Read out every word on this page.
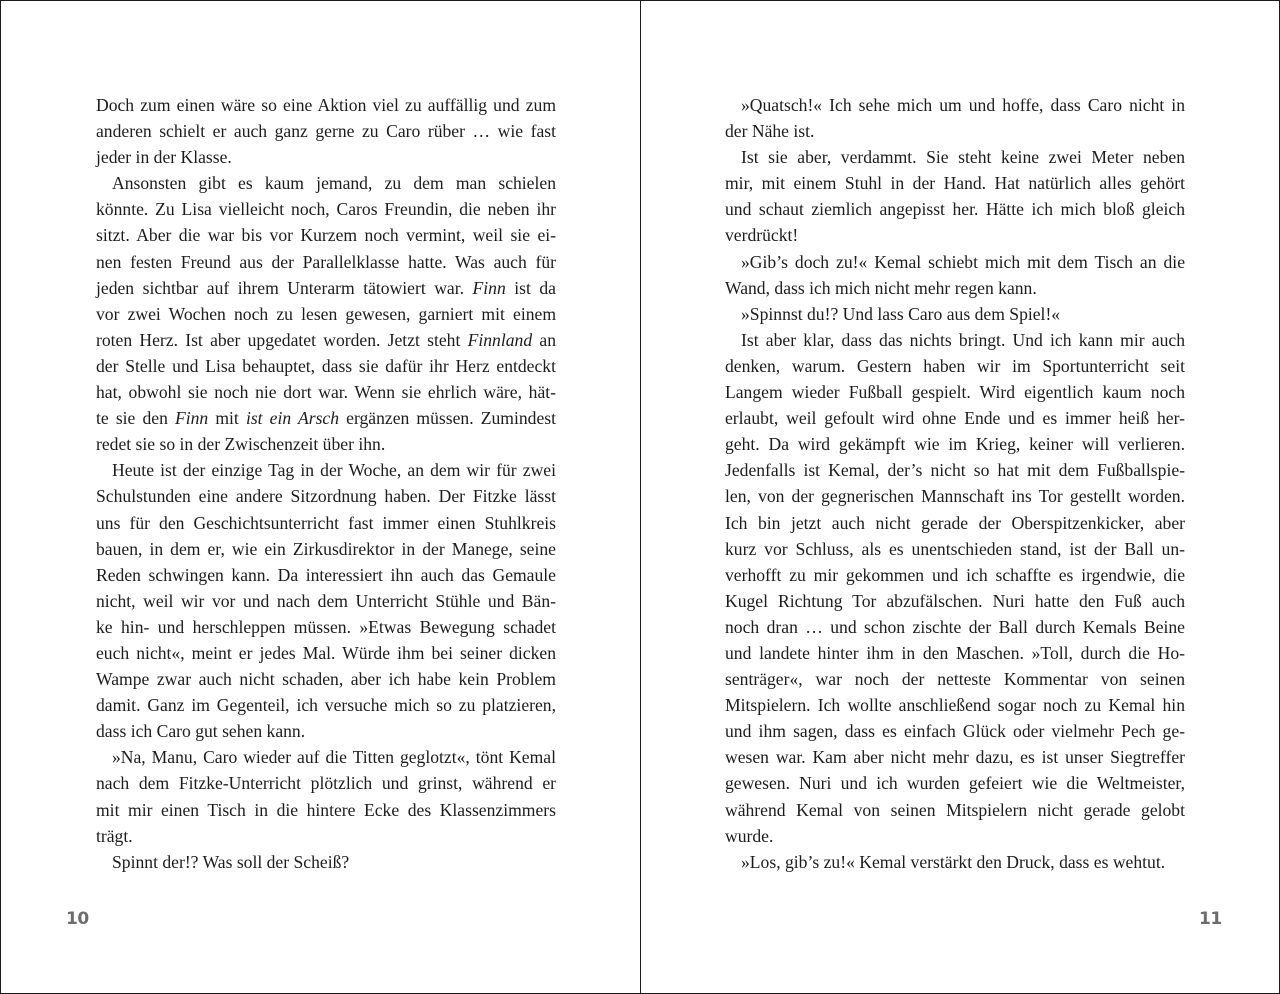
Doch zum einen wäre so eine Aktion viel zu auffällig und zum
anderen schielt er auch ganz gerne zu Caro rüber … wie fast
jeder in der Klasse.
Ansonsten gibt es kaum jemand, zu dem man schielen
könnte. Zu Lisa vielleicht noch, Caros Freundin, die neben ihr
sitzt. Aber die war bis vor Kurzem noch vermint, weil sie ei-
nen festen Freund aus der Parallelklasse hatte. Was auch für
jeden sichtbar auf ihrem Unterarm tätowiert war. Finn ist da
vor zwei Wochen noch zu lesen gewesen, garniert mit einem
roten Herz. Ist aber upgedatet worden. Jetzt steht Finnland an
der Stelle und Lisa behauptet, dass sie dafür ihr Herz entdeckt
hat, obwohl sie noch nie dort war. Wenn sie ehrlich wäre, hät-
te sie den Finn mit ist ein Arsch ergänzen müssen. Zumindest
redet sie so in der Zwischenzeit über ihn.
Heute ist der einzige Tag in der Woche, an dem wir für zwei
Schulstunden eine andere Sitzordnung haben. Der Fitzke lässt
uns für den Geschichtsunterricht fast immer einen Stuhlkreis
bauen, in dem er, wie ein Zirkusdirektor in der Manege, seine
Reden schwingen kann. Da interessiert ihn auch das Gemaule
nicht, weil wir vor und nach dem Unterricht Stühle und Bän-
ke hin- und herschleppen müssen. »Etwas Bewegung schadet
euch nicht«, meint er jedes Mal. Würde ihm bei seiner dicken
Wampe zwar auch nicht schaden, aber ich habe kein Problem
damit. Ganz im Gegenteil, ich versuche mich so zu platzieren,
dass ich Caro gut sehen kann.
»Na, Manu, Caro wieder auf die Titten geglotzt«, tönt Kemal
nach dem Fitzke-Unterricht plötzlich und grinst, während er
mit mir einen Tisch in die hintere Ecke des Klassenzimmers
trägt.
Spinnt der!? Was soll der Scheiß?
10
»Quatsch!« Ich sehe mich um und hoffe, dass Caro nicht in
der Nähe ist.
Ist sie aber, verdammt. Sie steht keine zwei Meter neben
mir, mit einem Stuhl in der Hand. Hat natürlich alles gehört
und schaut ziemlich angepisst her. Hätte ich mich bloß gleich
verdrückt!
»Gib’s doch zu!« Kemal schiebt mich mit dem Tisch an die
Wand, dass ich mich nicht mehr regen kann.
»Spinnst du!? Und lass Caro aus dem Spiel!«
Ist aber klar, dass das nichts bringt. Und ich kann mir auch
denken, warum. Gestern haben wir im Sportunterricht seit
Langem wieder Fußball gespielt. Wird eigentlich kaum noch
erlaubt, weil gefoult wird ohne Ende und es immer heiß her-
geht. Da wird gekämpft wie im Krieg, keiner will verlieren.
Jedenfalls ist Kemal, der’s nicht so hat mit dem Fußballspie-
len, von der gegnerischen Mannschaft ins Tor gestellt worden.
Ich bin jetzt auch nicht gerade der Oberspitzenkicker, aber
kurz vor Schluss, als es unentschieden stand, ist der Ball un-
verhofft zu mir gekommen und ich schaffte es irgendwie, die
Kugel Richtung Tor abzufälschen. Nuri hatte den Fuß auch
noch dran … und schon zischte der Ball durch Kemals Beine
und landete hinter ihm in den Maschen. »Toll, durch die Ho-
senträger«, war noch der netteste Kommentar von seinen
Mitspielern. Ich wollte anschließend sogar noch zu Kemal hin
und ihm sagen, dass es einfach Glück oder vielmehr Pech ge-
wesen war. Kam aber nicht mehr dazu, es ist unser Siegtreffer
gewesen. Nuri und ich wurden gefeiert wie die Weltmeister,
während Kemal von seinen Mitspielern nicht gerade gelobt
wurde.
»Los, gib’s zu!« Kemal verstärkt den Druck, dass es wehtut.
11
